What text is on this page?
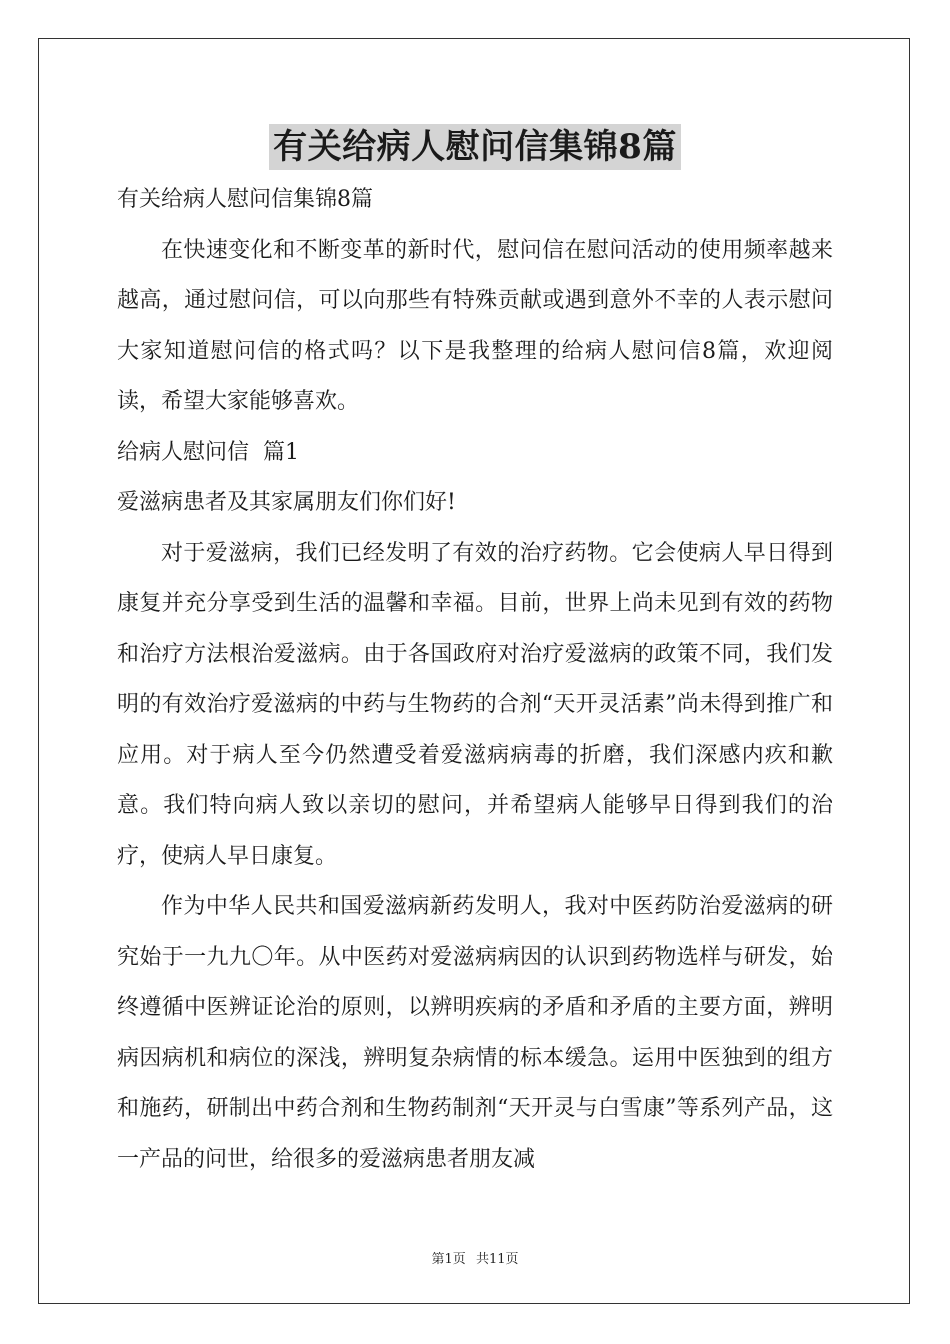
有关给病人慰问信集锦8篇
有关给病人慰问信集锦8篇

在快速变化和不断变革的新时代，慰问信在慰问活动的使用频率越来越高，通过慰问信，可以向那些有特殊贡献或遇到意外不幸的人表示慰问大家知道慰问信的格式吗？以下是我整理的给病人慰问信8篇，欢迎阅读，希望大家能够喜欢。

给病人慰问信  篇1
爱滋病患者及其家属朋友们你们好!

对于爱滋病，我们已经发明了有效的治疗药物。它会使病人早日得到康复并充分享受到生活的温馨和幸福。目前，世界上尚未见到有效的药物和治疗方法根治爱滋病。由于各国政府对治疗爱滋病的政策不同，我们发明的有效治疗爱滋病的中药与生物药的合剂“天开灵活素”尚未得到推广和应用。对于病人至今仍然遭受着爱滋病病毒的折磨，我们深感内疚和歉意。我们特向病人致以亲切的慰问，并希望病人能够早日得到我们的治疗，使病人早日康复。

作为中华人民共和国爱滋病新药发明人，我对中医药防治爱滋病的研究始于一九九〇年。从中医药对爱滋病病因的认识到药物选样与研发，始终遵循中医辨证论治的原则，以辨明疾病的矛盾和矛盾的主要方面，辨明病因病机和病位的深浅，辨明复杂病情的标本缓急。运用中医独到的组方和施药，研制出中药合剂和生物药制剂“天开灵与白雪康”等系列产品，这一产品的问世，给很多的爱滋病患者朋友减

第1页 共11页
